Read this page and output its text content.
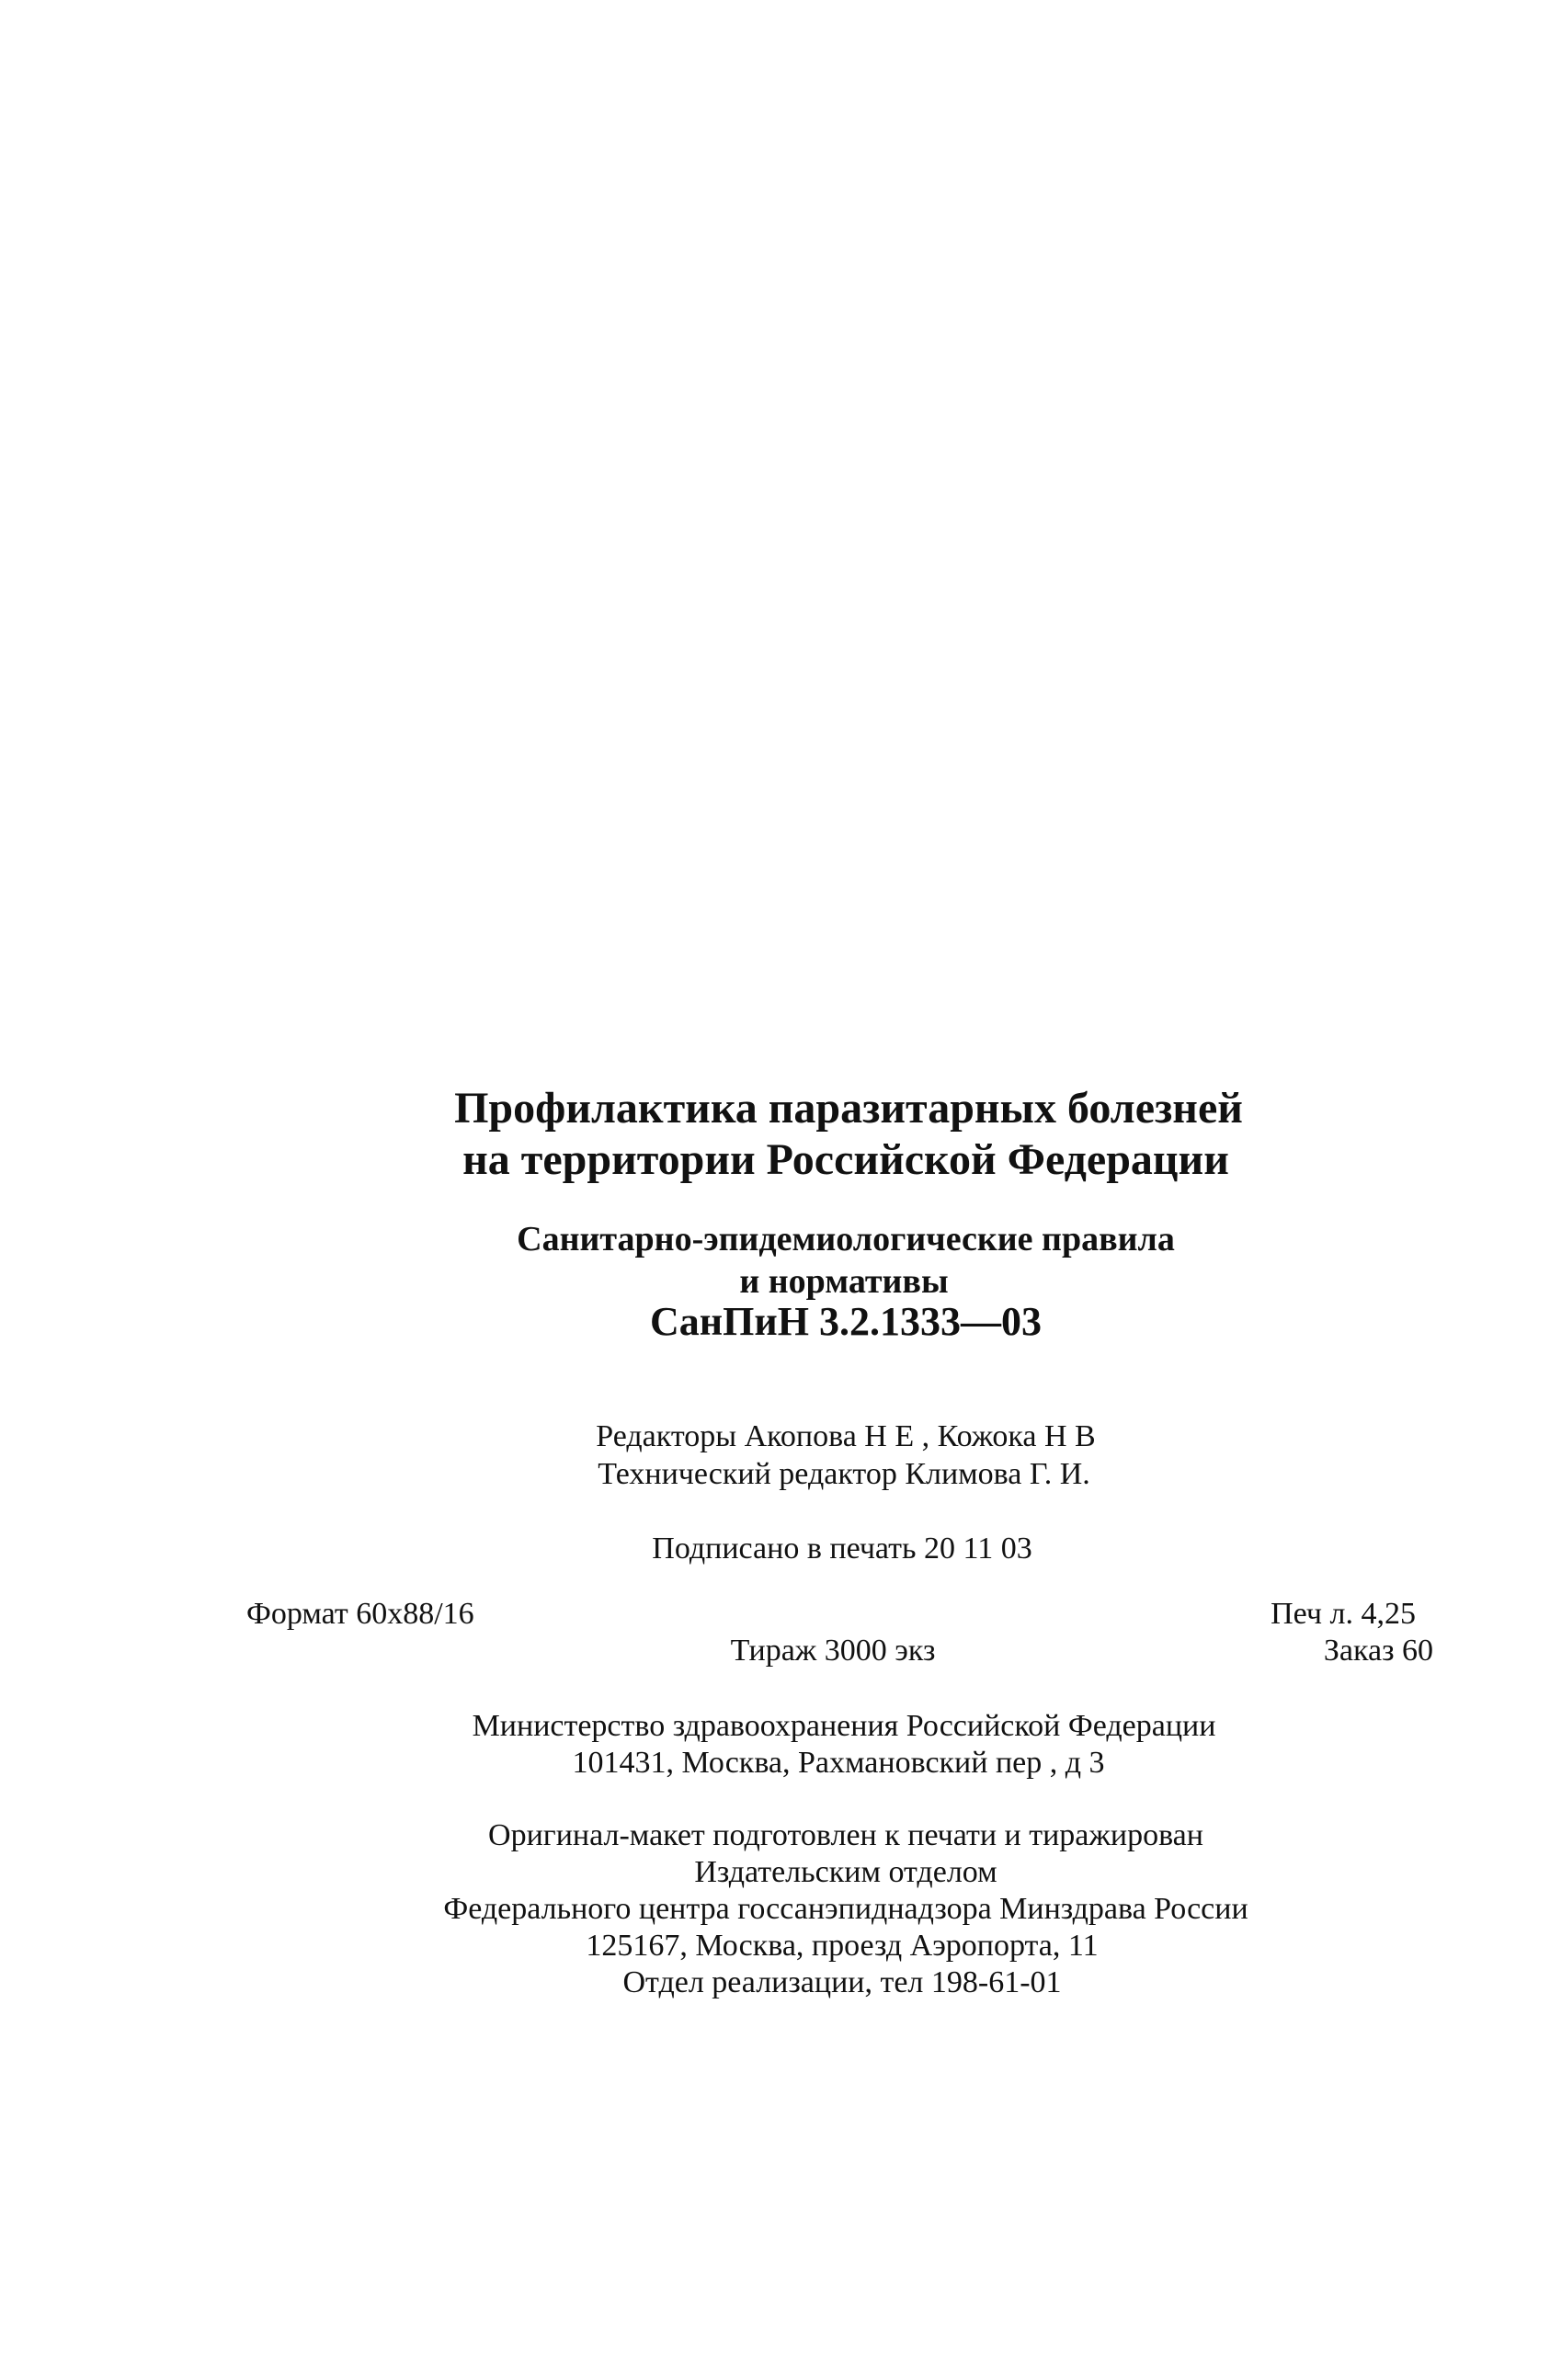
Профилактика паразитарных болезней
на территории Российской Федерации
Санитарно-эпидемиологические правила
и нормативы
СанПиН 3.2.1333—03
Редакторы Акопова Н Е , Кожока Н В
Технический редактор Климова Г. И.
Подписано в печать 20 11 03
Формат 60x88/16	Печ л. 4,25
Тираж 3000 экз	Заказ 60
Министерство здравоохранения Российской Федерации
101431, Москва, Рахмановский пер , д 3
Оригинал-макет подготовлен к печати и тиражирован
Издательским отделом
Федерального центра госсанэпиднадзора Минздрава России
125167, Москва, проезд Аэропорта, 11
Отдел реализации, тел 198-61-01
